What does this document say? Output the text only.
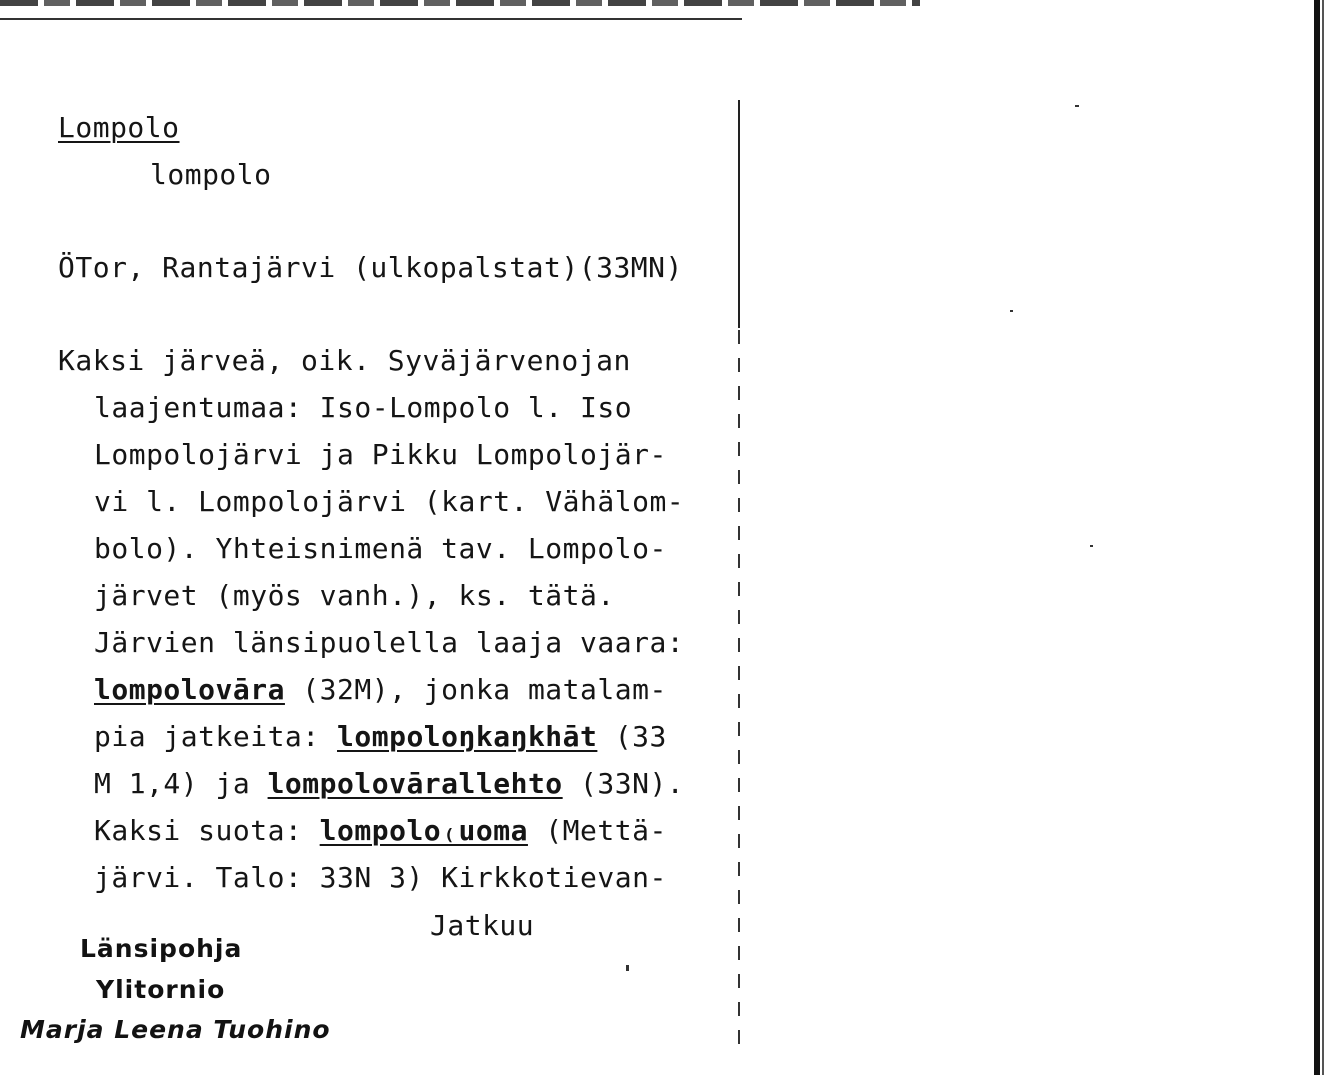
Lompolo
lompolo
ÖTor, Rantajärvi (ulkopalstat)(33MN)
Kaksi järveä, oik. Syväjärvenojan
laajentumaa: Iso-Lompolo l. Iso
Lompolojärvi ja Pikku Lompolojär-
vi l. Lompolojärvi (kart. Vähälom-
bolo). Yhteisnimenä tav. Lompolo-
järvet (myös vanh.), ks. tätä.
Järvien länsipuolella laaja vaara:
lompolovāra (32M), jonka matalam-
pia jatkeita: lompoloŋkaŋkhāt (33
M 1,4) ja lompolovārallehto (33N).
Kaksi suota: lompolo₍uoma (Mettä-
järvi. Talo: 33N 3) Kirkkotievan-
Jatkuu
Länsipohja
Ylitornio
Marja Leena Tuohino
